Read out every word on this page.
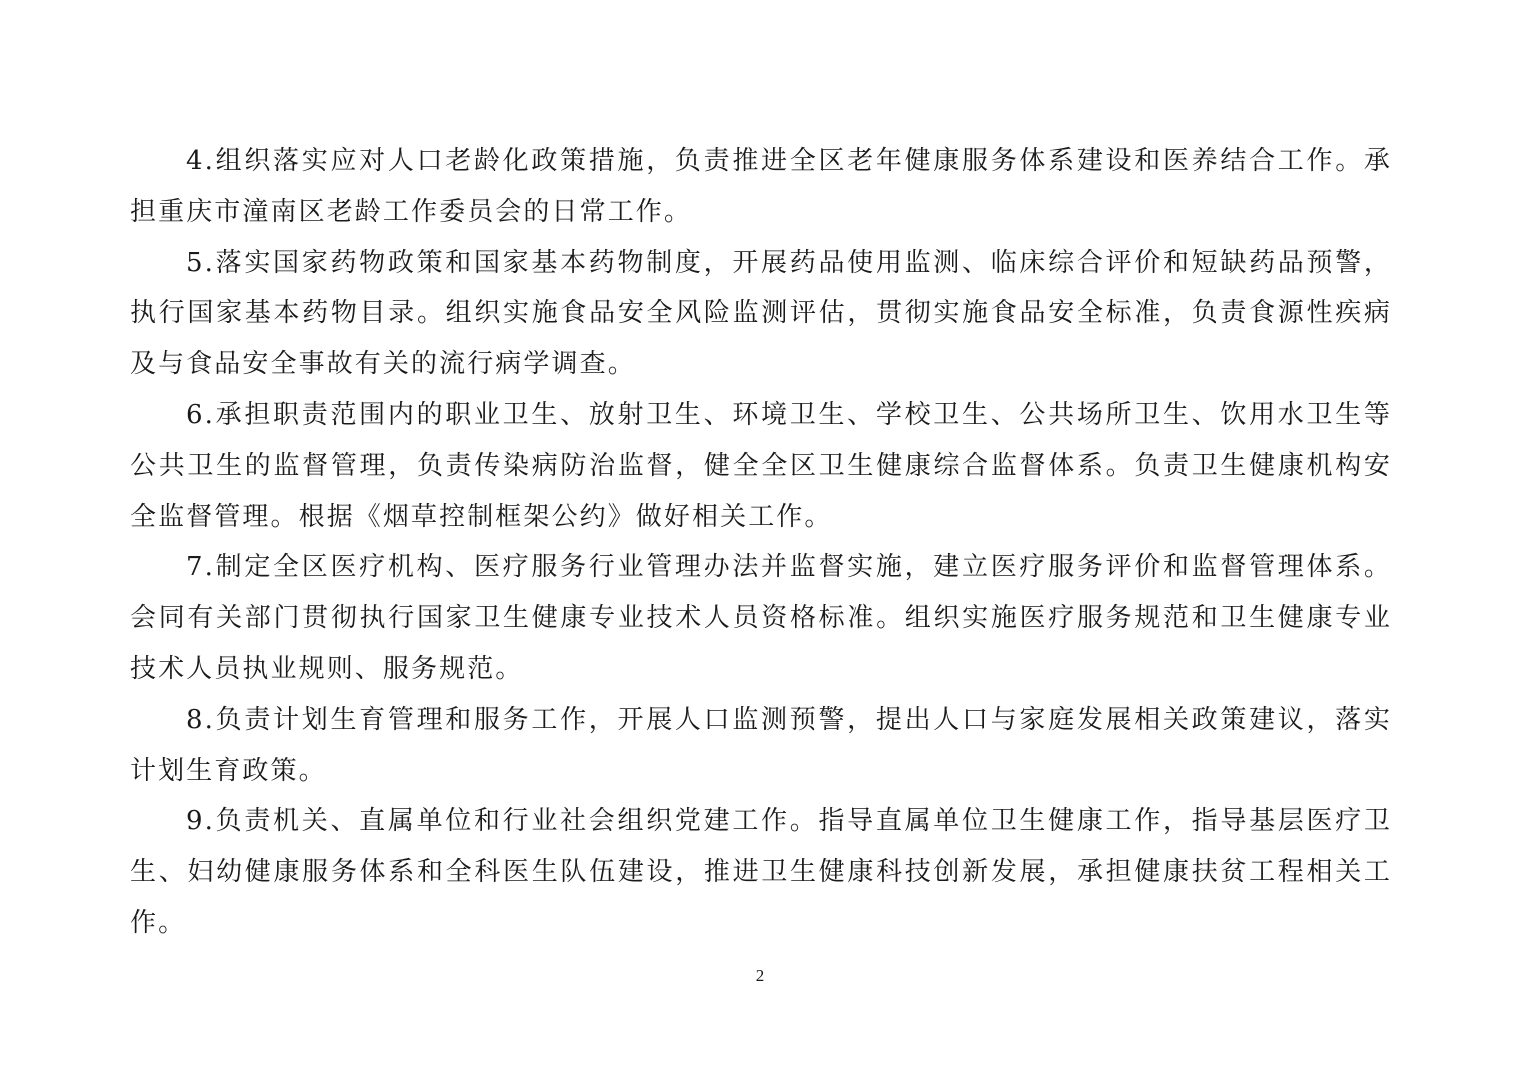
4.组织落实应对人口老龄化政策措施，负责推进全区老年健康服务体系建设和医养结合工作。承担重庆市潼南区老龄工作委员会的日常工作。

5.落实国家药物政策和国家基本药物制度，开展药品使用监测、临床综合评价和短缺药品预警，执行国家基本药物目录。组织实施食品安全风险监测评估，贯彻实施食品安全标准，负责食源性疾病及与食品安全事故有关的流行病学调查。

6.承担职责范围内的职业卫生、放射卫生、环境卫生、学校卫生、公共场所卫生、饮用水卫生等公共卫生的监督管理，负责传染病防治监督，健全全区卫生健康综合监督体系。负责卫生健康机构安全监督管理。根据《烟草控制框架公约》做好相关工作。

7.制定全区医疗机构、医疗服务行业管理办法并监督实施，建立医疗服务评价和监督管理体系。会同有关部门贯彻执行国家卫生健康专业技术人员资格标准。组织实施医疗服务规范和卫生健康专业技术人员执业规则、服务规范。

8.负责计划生育管理和服务工作，开展人口监测预警，提出人口与家庭发展相关政策建议，落实计划生育政策。

9.负责机关、直属单位和行业社会组织党建工作。指导直属单位卫生健康工作，指导基层医疗卫生、妇幼健康服务体系和全科医生队伍建设，推进卫生健康科技创新发展，承担健康扶贫工程相关工作。

2
